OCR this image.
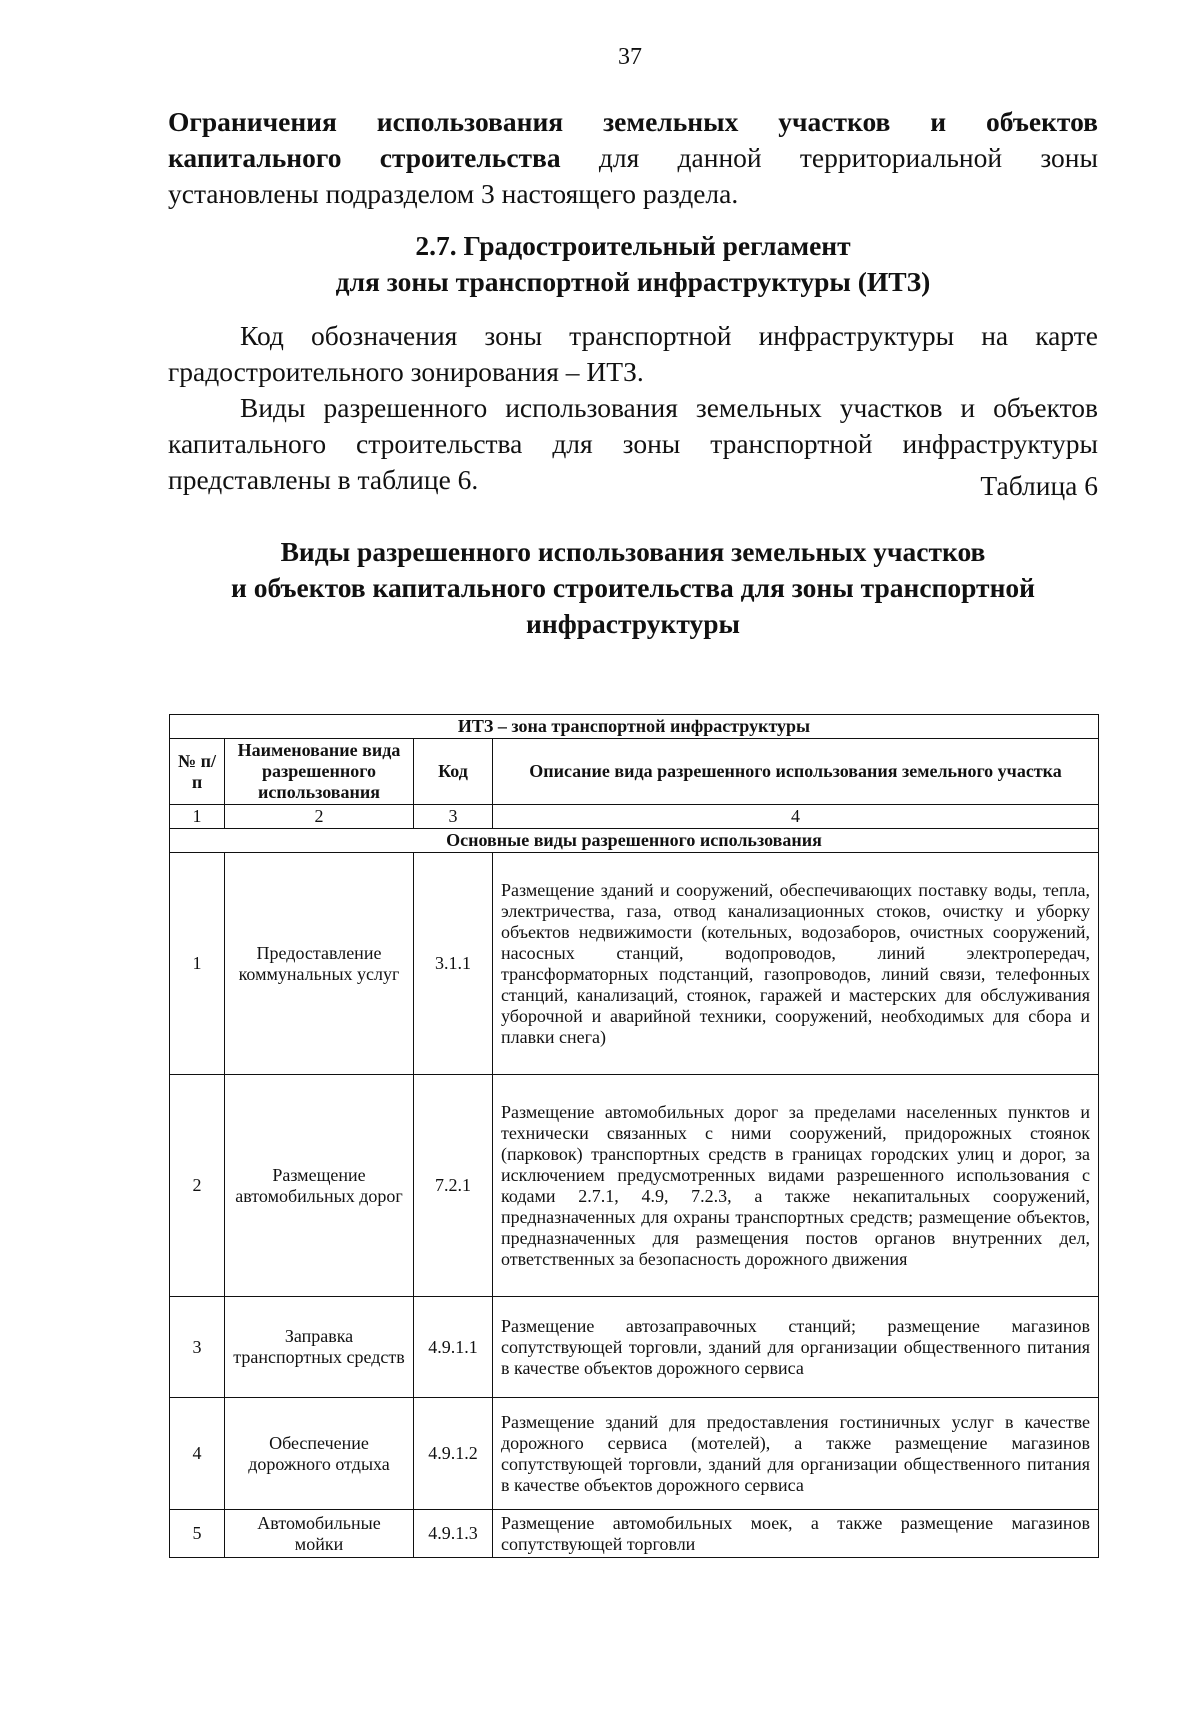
37
Ограничения использования земельных участков и объектов капитального строительства для данной территориальной зоны
установлены подразделом 3 настоящего раздела.
2.7. Градостроительный регламент
для зоны транспортной инфраструктуры (ИТЗ)
Код обозначения зоны транспортной инфраструктуры на карте
градостроительного зонирования – ИТЗ.
Виды разрешенного использования земельных участков и объектов
капитального строительства для зоны транспортной инфраструктуры
представлены в таблице 6.	Таблица 6
Виды разрешенного использования земельных участков
и объектов капитального строительства для зоны транспортной
инфраструктуры
ИТЗ – зона транспортной инфраструктуры			
№ п/п	Наименование вида разрешенного использования	Код	Описание вида разрешенного использования земельного участка
1	2	3	4
Основные виды разрешенного использования			
1	Предоставление коммунальных услуг	3.1.1	Размещение зданий и сооружений, обеспечивающих поставку воды, тепла, электричества, газа, отвод канализационных стоков, очистку и уборку объектов недвижимости (котельных, водозаборов, очистных сооружений, насосных станций, водопроводов, линий электропередач, трансформаторных подстанций, газопроводов, линий связи, телефонных станций, канализаций, стоянок, гаражей и мастерских для обслуживания уборочной и аварийной техники, сооружений, необходимых для сбора и плавки снега)
2	Размещение автомобильных дорог	7.2.1	Размещение автомобильных дорог за пределами населенных пунктов и технически связанных с ними сооружений, придорожных стоянок (парковок) транспортных средств в границах городских улиц и дорог, за исключением предусмотренных видами разрешенного использования с кодами 2.7.1, 4.9, 7.2.3, а также некапитальных сооружений, предназначенных для охраны транспортных средств; размещение объектов, предназначенных для размещения постов органов внутренних дел, ответственных за безопасность дорожного движения
3	Заправка транспортных средств	4.9.1.1	Размещение автозаправочных станций; размещение магазинов сопутствующей торговли, зданий для организации общественного питания в качестве объектов дорожного сервиса
4	Обеспечение дорожного отдыха	4.9.1.2	Размещение зданий для предоставления гостиничных услуг в качестве дорожного сервиса (мотелей), а также размещение магазинов сопутствующей торговли, зданий для организации общественного питания в качестве объектов дорожного сервиса
5	Автомобильные мойки	4.9.1.3	Размещение автомобильных моек, а также размещение магазинов сопутствующей торговли
